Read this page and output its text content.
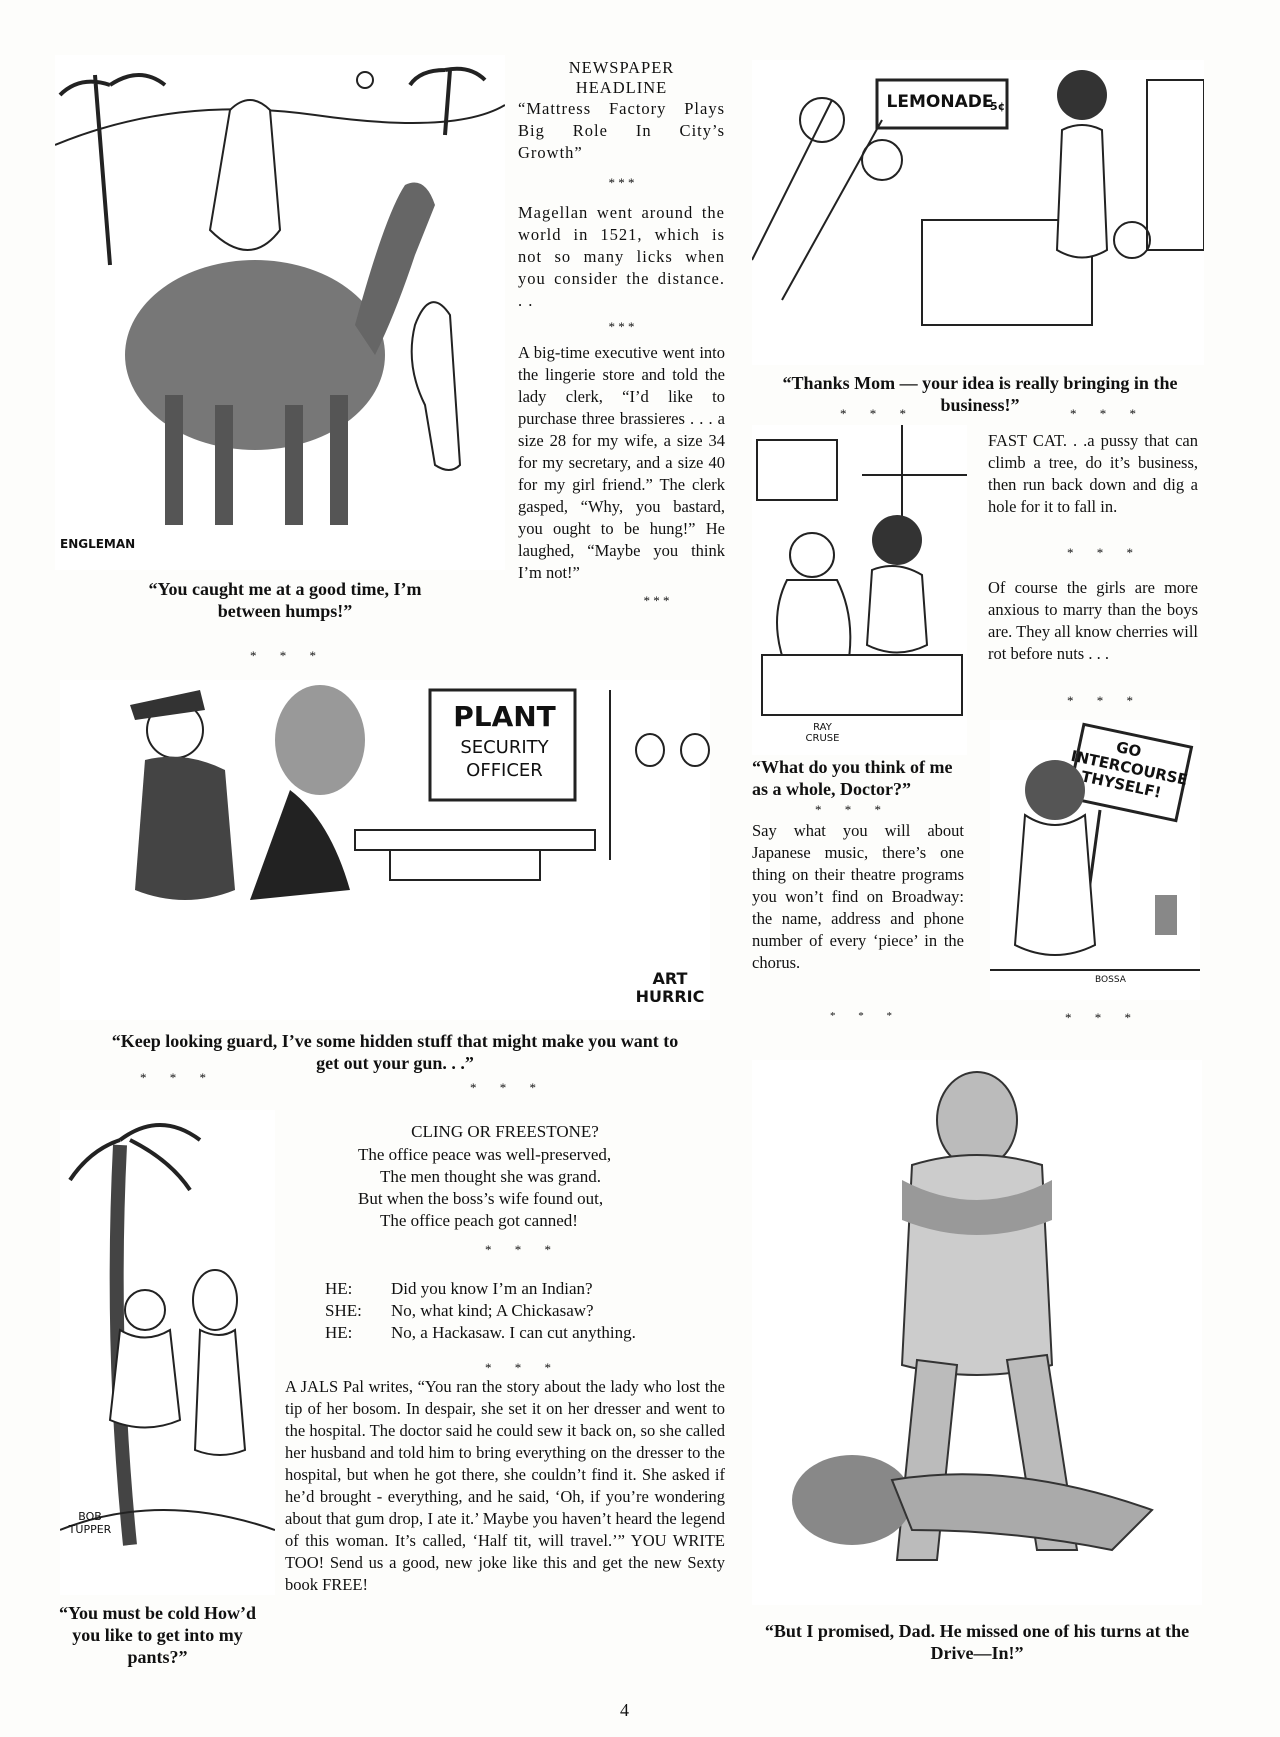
ENGLEMAN
“You caught me at a good time, I’m between humps!”
* * *
NEWSPAPER
HEADLINE

“Mattress Factory Plays Big Role In City’s Growth”

* * *

Magellan went around the world in 1521, which is not so many licks when you consider the distance. . .

* * *

A big-time executive went into the lingerie store and told the lady clerk, “I’d like to purchase three brassieres . . . a size 28 for my wife, a size 34 for my secretary, and a size 40 for my girl friend.” The clerk gasped, “Why, you bastard, you ought to be hung!” He laughed, “Maybe you think I’m not!”

* * *
LEMONADE
5¢
“Thanks Mom — your idea is really bringing in the business!”
* * *	* * *
RAY CRUSE
“What do you think of me as a whole, Doctor?”
* * *
Say what you will about Japanese music, there’s one thing on their theatre programs you won’t find on Broadway: the name, address and phone number of every ‘piece’ in the chorus.
* * *
FAST CAT. . .a pussy that can climb a tree, do it’s business, then run back down and dig a hole for it to fall in.
* * *
Of course the girls are more anxious to marry than the boys are. They all know cherries will rot before nuts . . .
* * *
GO INTERCOURSE THYSELF!
BOSSA
* * *
PLANT
SECURITY
OFFICER
ART HURRIC
“Keep looking guard, I’ve some hidden stuff that might make you want to get out your gun. . .”
* * *
* * *
BOB TUPPER
“You must be cold How’d you like to get into my pants?”
CLING OR FREESTONE?
The office peace was well-preserved,
The men thought she was grand.
But when the boss’s wife found out,
The office peach got canned!
* * *
HE:	Did you know I’m an Indian?
SHE:	No, what kind; A Chickasaw?
HE:	No, a Hackasaw. I can cut anything.
* * *
A JALS Pal writes, “You ran the story about the lady who lost the tip of her bosom. In despair, she set it on her dresser and went to the hospital. The doctor said he could sew it back on, so she called her husband and told him to bring everything on the dresser to the hospital, but when he got there, she couldn’t find it. She asked if he’d brought - everything, and he said, ‘Oh, if you’re wondering about that gum drop, I ate it.’ Maybe you haven’t heard the legend of this woman. It’s called, ‘Half tit, will travel.’” YOU WRITE TOO! Send us a good, new joke like this and get the new Sexty book FREE!
“But I promised, Dad. He missed one of his turns at the Drive—In!”
4
